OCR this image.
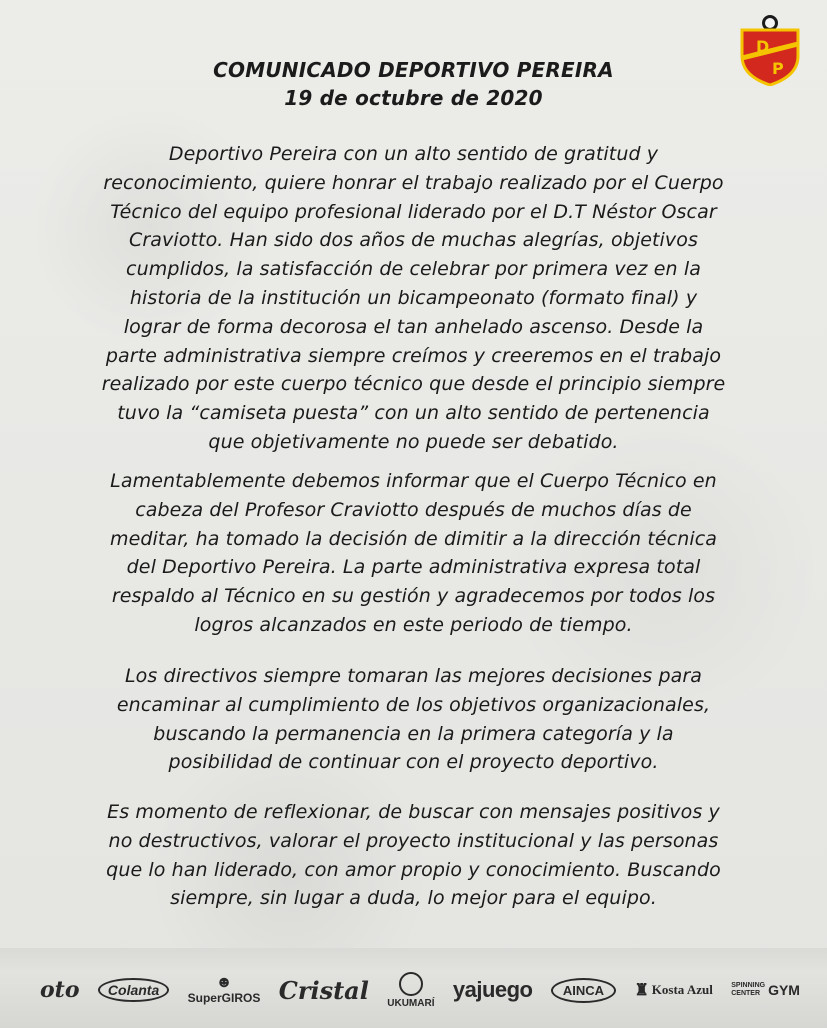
D
P
COMUNICADO DEPORTIVO PEREIRA
19 de octubre de 2020
Deportivo Pereira con un alto sentido de gratitud y
reconocimiento, quiere honrar el trabajo realizado por el Cuerpo
Técnico del equipo profesional liderado por el D.T Néstor Oscar
Craviotto. Han sido dos años de muchas alegrías, objetivos
cumplidos, la satisfacción de celebrar por primera vez en la
historia de la institución un bicampeonato (formato final) y
lograr de forma decorosa el tan anhelado ascenso. Desde la
parte administrativa siempre creímos y creeremos en el trabajo
realizado por este cuerpo técnico que desde el principio siempre
tuvo la “camiseta puesta” con un alto sentido de pertenencia
que objetivamente no puede ser debatido.
Lamentablemente debemos informar que el Cuerpo Técnico en
cabeza del Profesor Craviotto después de muchos días de
meditar, ha tomado la decisión de dimitir a la dirección técnica
del Deportivo Pereira. La parte administrativa expresa total
respaldo al Técnico en su gestión y agradecemos por todos los
logros alcanzados en este periodo de tiempo.
Los directivos siempre tomaran las mejores decisiones para
encaminar al cumplimiento de los objetivos organizacionales,
buscando la permanencia en la primera categoría y la
posibilidad de continuar con el proyecto deportivo.
Es momento de reflexionar, de buscar con mensajes positivos y
no destructivos, valorar el proyecto institucional y las personas
que lo han liderado, con amor propio y conocimiento. Buscando
siempre, sin lugar a duda, lo mejor para el equipo.
oto	Colanta	☻
SuperGIROS Cristal UKUMARÍ
yajuego	AINCA	♜ Kosta Azul	SPINNING
CENTER GYM
